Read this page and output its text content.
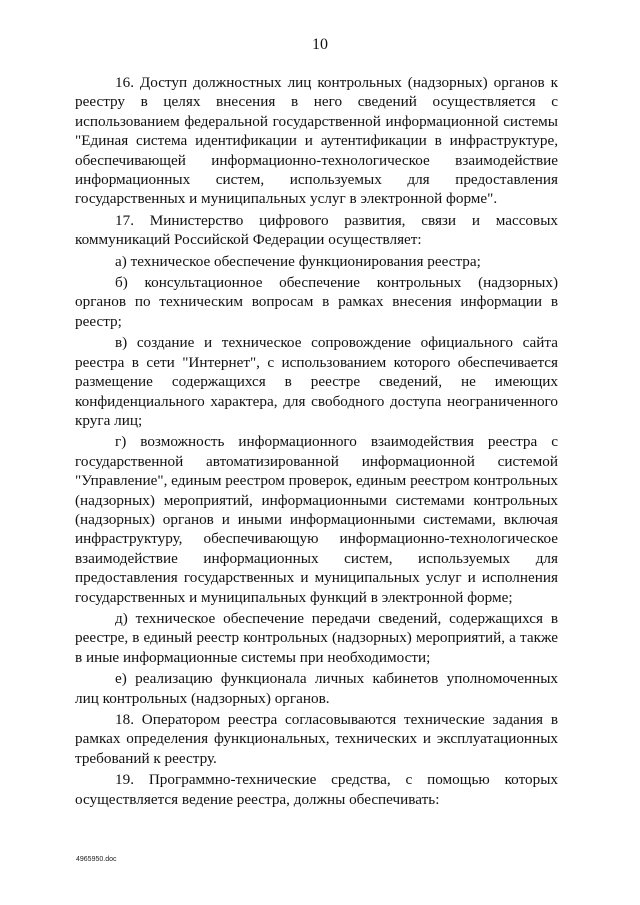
10

16. Доступ должностных лиц контрольных (надзорных) органов к реестру в целях внесения в него сведений осуществляется с использованием федеральной государственной информационной системы "Единая система идентификации и аутентификации в инфраструктуре, обеспечивающей информационно-технологическое взаимодействие информационных систем, используемых для предоставления государственных и муниципальных услуг в электронной форме".

17. Министерство цифрового развития, связи и массовых коммуникаций Российской Федерации осуществляет:

а) техническое обеспечение функционирования реестра;

б) консультационное обеспечение контрольных (надзорных) органов по техническим вопросам в рамках внесения информации в реестр;

в) создание и техническое сопровождение официального сайта реестра в сети "Интернет", с использованием которого обеспечивается размещение содержащихся в реестре сведений, не имеющих конфиденциального характера, для свободного доступа неограниченного круга лиц;

г) возможность информационного взаимодействия реестра с государственной автоматизированной информационной системой "Управление", единым реестром проверок, единым реестром контрольных (надзорных) мероприятий, информационными системами контрольных (надзорных) органов и иными информационными системами, включая инфраструктуру, обеспечивающую информационно-технологическое взаимодействие информационных систем, используемых для предоставления государственных и муниципальных услуг и исполнения государственных и муниципальных функций в электронной форме;

д) техническое обеспечение передачи сведений, содержащихся в реестре, в единый реестр контрольных (надзорных) мероприятий, а также в иные информационные системы при необходимости;

е) реализацию функционала личных кабинетов уполномоченных лиц контрольных (надзорных) органов.

18. Оператором реестра согласовываются технические задания в рамках определения функциональных, технических и эксплуатационных требований к реестру.

19. Программно-технические средства, с помощью которых осуществляется ведение реестра, должны обеспечивать:

4965950.doc
